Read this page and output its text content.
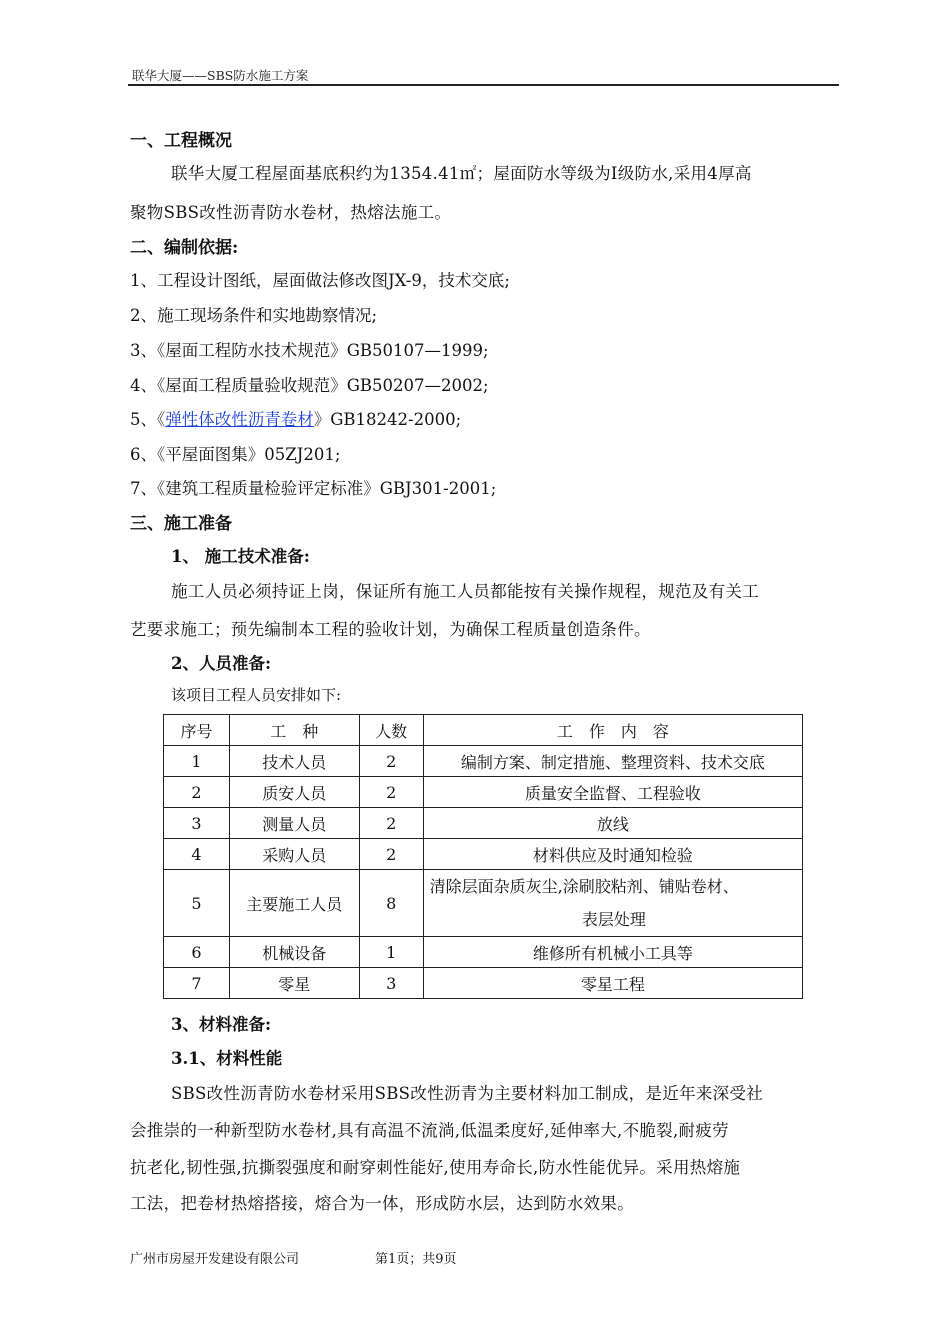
联华大厦——SBS防水施工方案
一、工程概况
联华大厦工程屋面基底积约为1354.41㎡；屋面防水等级为Ⅰ级防水,采用4厚高
聚物SBS改性沥青防水卷材，热熔法施工。
二、编制依据:
1、工程设计图纸，屋面做法修改图JX-9，技术交底;
2、施工现场条件和实地勘察情况;
3、《屋面工程防水技术规范》GB50107—1999;
4、《屋面工程质量验收规范》GB50207—2002;
5、《弹性体改性沥青卷材》GB18242-2000;
6、《平屋面图集》05ZJ201;
7、《建筑工程质量检验评定标准》GBJ301-2001;
三、施工准备
1、 施工技术准备:
施工人员必须持证上岗，保证所有施工人员都能按有关操作规程，规范及有关工
艺要求施工；预先编制本工程的验收计划，为确保工程质量创造条件。
2、人员准备:
该项目工程人员安排如下:
序号	工　种	人数	工　作　内　容
1	技术人员	2	编制方案、制定措施、整理资料、技术交底
2	质安人员	2	质量安全监督、工程验收
3	测量人员	2	放线
4	采购人员	2	材料供应及时通知检验
5	主要施工人员	8	清除层面杂质灰尘,涂刷胶粘剂、铺贴卷材、
表层处理

6	机械设备	1	维修所有机械小工具等
7	零星	3	零星工程
3、材料准备:
3.1、材料性能
SBS改性沥青防水卷材采用SBS改性沥青为主要材料加工制成，是近年来深受社
会推崇的一种新型防水卷材,具有高温不流淌,低温柔度好,延伸率大,不脆裂,耐疲劳
抗老化,韧性强,抗撕裂强度和耐穿刺性能好,使用寿命长,防水性能优异。采用热熔施
工法，把卷材热熔搭接，熔合为一体，形成防水层，达到防水效果。
广州市房屋开发建设有限公司	第1页；共9页
